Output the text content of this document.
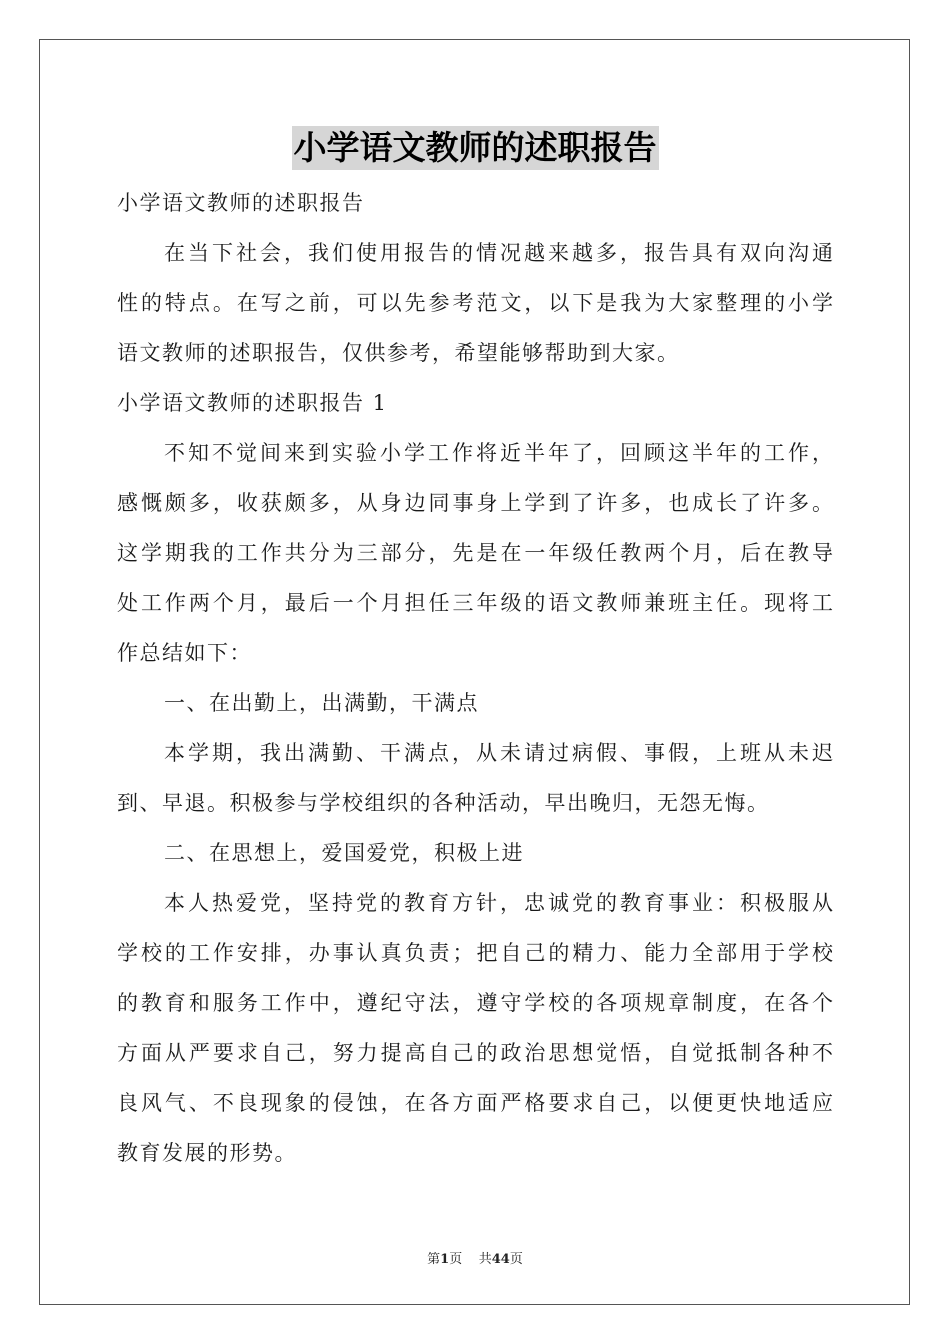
小学语文教师的述职报告
小学语文教师的述职报告
在当下社会，我们使用报告的情况越来越多，报告具有双向沟通
性的特点。在写之前，可以先参考范文，以下是我为大家整理的小学
语文教师的述职报告，仅供参考，希望能够帮助到大家。
小学语文教师的述职报告 1
不知不觉间来到实验小学工作将近半年了，回顾这半年的工作，
感慨颇多，收获颇多，从身边同事身上学到了许多，也成长了许多。
这学期我的工作共分为三部分，先是在一年级任教两个月，后在教导
处工作两个月，最后一个月担任三年级的语文教师兼班主任。现将工
作总结如下：
一、在出勤上，出满勤，干满点
本学期，我出满勤、干满点，从未请过病假、事假，上班从未迟
到、早退。积极参与学校组织的各种活动，早出晚归，无怨无悔。
二、在思想上，爱国爱党，积极上进
本人热爱党，坚持党的教育方针，忠诚党的教育事业：积极服从
学校的工作安排，办事认真负责；把自己的精力、能力全部用于学校
的教育和服务工作中，遵纪守法，遵守学校的各项规章制度，在各个
方面从严要求自己，努力提高自己的政治思想觉悟，自觉抵制各种不
良风气、不良现象的侵蚀，在各方面严格要求自己，以便更快地适应
教育发展的形势。
第1页 共44页
